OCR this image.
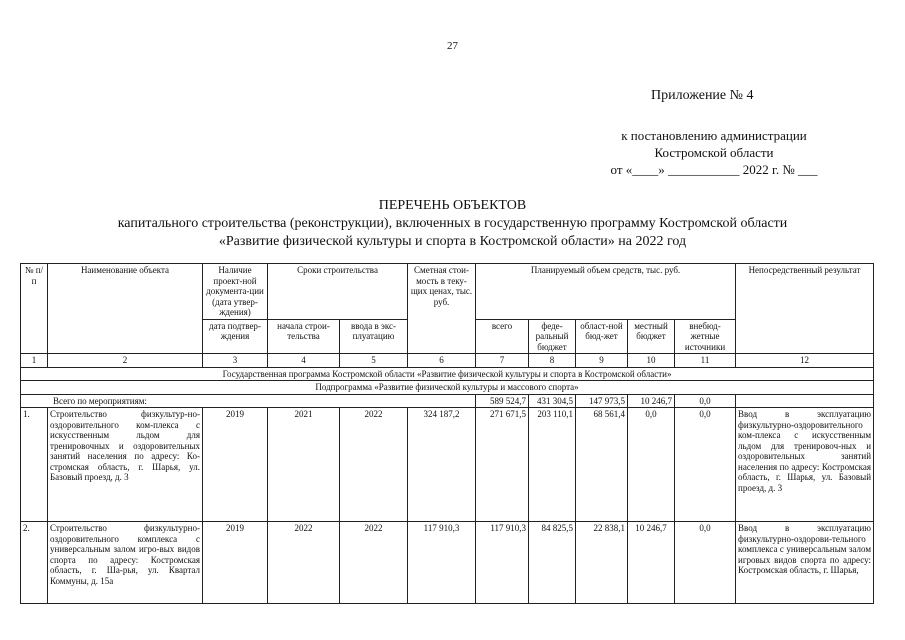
27
Приложение № 4
к постановлению администрации
Костромской области
от «____» ___________ 2022 г. № ___
ПЕРЕЧЕНЬ ОБЪЕКТОВ
капитального строительства (реконструкции), включенных в государственную программу Костромской области
«Развитие физической культуры и спорта в Костромской области» на 2022 год
№ п/п	Наименование объекта	Наличие проект-ной документа-ции (дата утвер-ждения)	Сроки строительства		Сметная стои-мость в теку-щих ценах, тыс. руб.	Планируемый объем средств, тыс. руб.					Непосредственный результат
		дата подтвер-ждения	начала строи-тельства	ввода в экс-плуатацию		всего	феде-ральный бюджет	област-ной бюд-жет	местный бюджет	внебюд-жетные источники	
1	2	3	4	5	6	7	8	9	10	11	12
Государственная программа Костромской области «Развитие физической культуры и спорта в Костромской области»											
Подпрограмма «Развитие физической культуры и массового спорта»											
Всего по мероприятиям:						589 524,7	431 304,5	147 973,5	10 246,7	0,0	
1.	Строительство физкультур-но-оздоровительного ком-плекса с искусственным льдом для тренировочных и оздоровительных занятий населения по адресу: Ко-стромская область, г. Шарья, ул. Базовый проезд, д. 3	2019	2021	2022	324 187,2	271 671,5	203 110,1	68 561,4	0,0	0,0	Ввод в эксплуатацию физкультурно-оздоровительного ком-плекса с искусственным льдом для тренировоч-ных и оздоровительных занятий населения по адресу: Костромская область, г. Шарья, ул. Базовый проезд, д. 3
2.	Строительство физкультурно-оздоровительного комплекса с универсальным залом игро-вых видов спорта по адресу: Костромская область, г. Ша-рья, ул. Квартал Коммуны, д. 15а	2019	2022	2022	117 910,3	117 910,3	84 825,5	22 838,1	10 246,7	0,0	Ввод в эксплуатацию физкультурно-оздорови-тельного комплекса с универсальным залом игровых видов спорта по адресу: Костромская область, г. Шарья,
